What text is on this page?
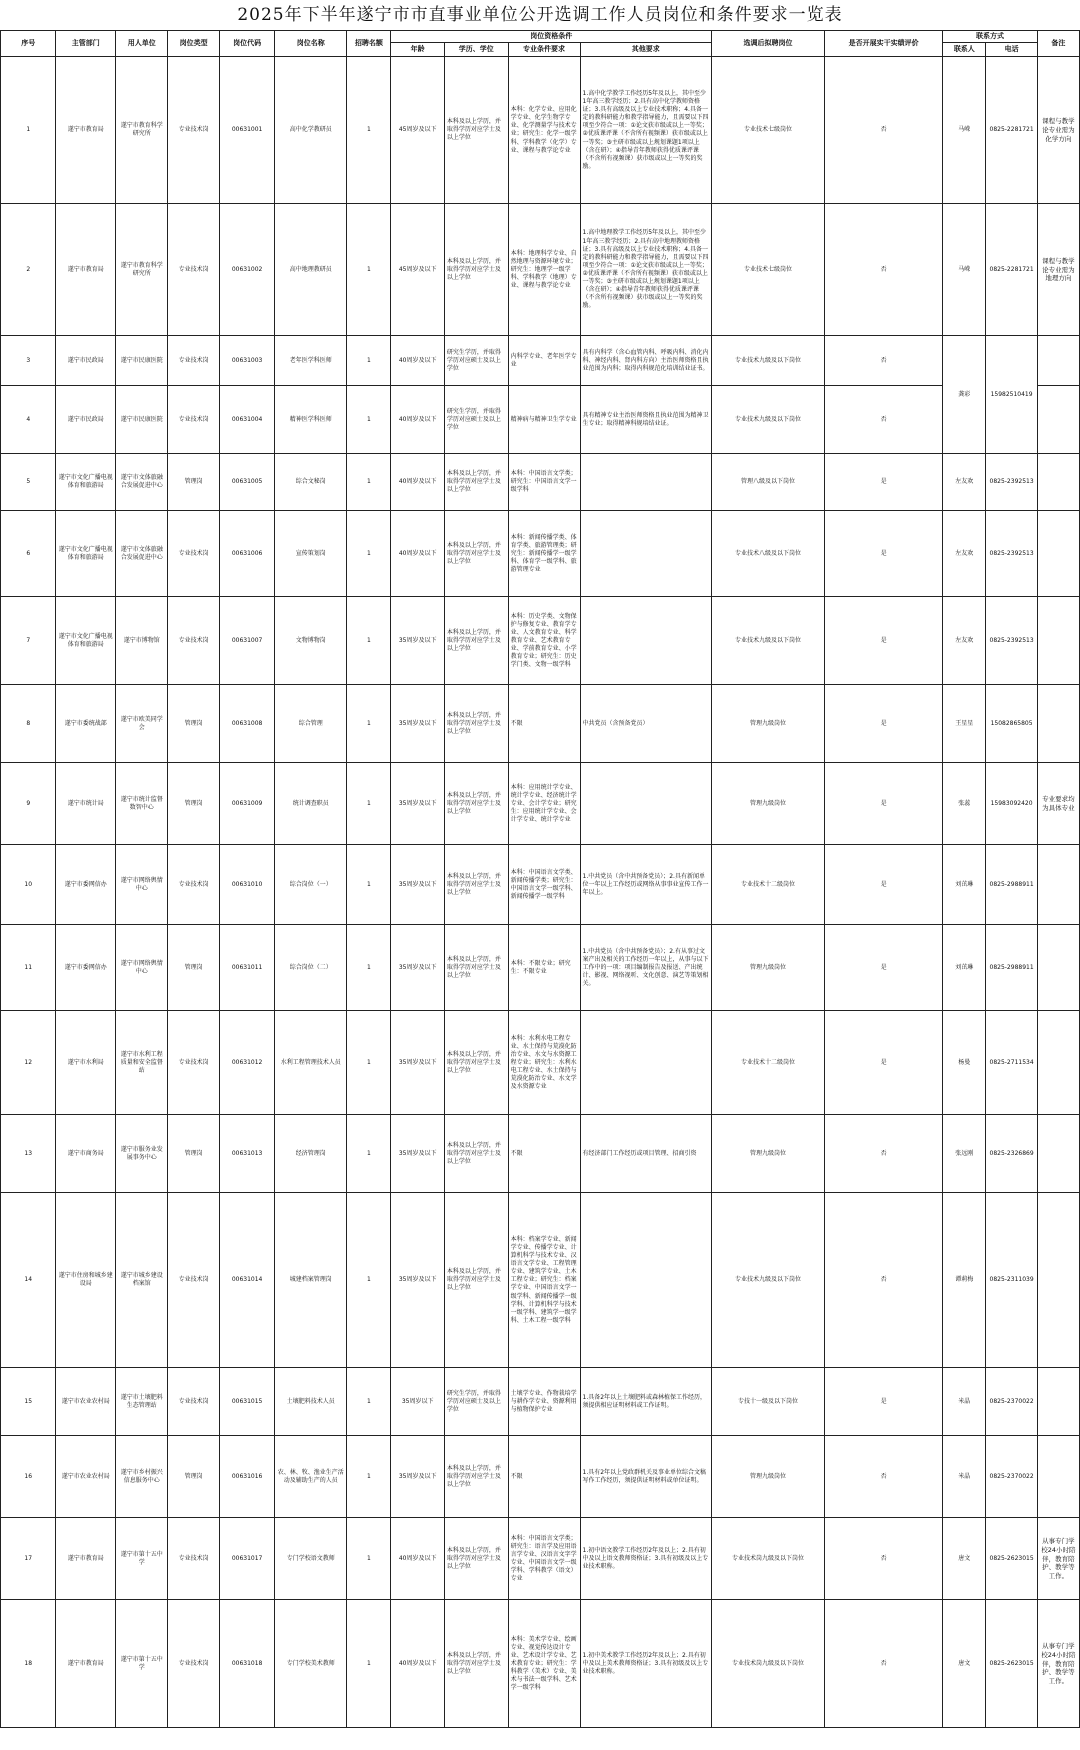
2025年下半年遂宁市市直事业单位公开选调工作人员岗位和条件要求一览表
序号	主管部门	用人单位	岗位类型	岗位代码	岗位名称	招聘名额	岗位资格条件				选调后拟聘岗位	是否开展实干实绩评价	联系方式		备注
							年龄	学历、学位	专业条件要求	其他要求			联系人	电话	
1	遂宁市教育局	遂宁市教育科学研究所	专业技术岗	00631001	高中化学教研员	1	45周岁及以下	本科及以上学历，并取得学历对应学士及以上学位	本科：化学专业、应用化学专业、化学生物学专业、化学测量学与技术专业；研究生：化学一级学科、学科教学（化学）专业、课程与教学论专业	1.高中化学教学工作经历5年及以上，其中至少1年高三教学经历；2.具有高中化学教师资格证；3.具有高级及以上专业技术职称；4.具备一定的教科研能力和教学指导能力，且需要以下四项至少符合一项：①论文获市级或以上一等奖；②优质课评课（不含所有视频课）获市级或以上一等奖；③主研市级或以上规划课题1项以上（含在研）；④指导青年教师获得优质课评课（不含所有视频课）获市级或以上一等奖的奖励。	专业技术七级岗位	否	马嵘	0825-2281721	课程与教学论专业需为化学方向
2	遂宁市教育局	遂宁市教育科学研究所	专业技术岗	00631002	高中地理教研员	1	45周岁及以下	本科及以上学历，并取得学历对应学士及以上学位	本科：地理科学专业、自然地理与资源环境专业；研究生：地理学一级学科、学科教学（地理）专业、课程与教学论专业	1.高中地理教学工作经历5年及以上，其中至少1年高三教学经历；2.具有高中地理教师资格证；3.具有高级及以上专业技术职称；4.具备一定的教科研能力和教学指导能力，且需要以下四项至少符合一项：①论文获市级或以上一等奖；②优质课评课（不含所有视频课）获市级或以上一等奖；③主研市级或以上规划课题1项以上（含在研）；④指导青年教师获得优质课评课（不含所有视频课）获市级或以上一等奖的奖励。	专业技术七级岗位	否	马嵘	0825-2281721	课程与教学论专业需为地理方向
3	遂宁市民政局	遂宁市民康医院	专业技术岗	00631003	老年医学科医师	1	40周岁及以下	研究生学历，并取得学历对应硕士及以上学位	内科学专业、老年医学专业	具有内科学（含心血管内科、呼吸内科、消化内科、神经内科、肾内科方向）主治医师资格且执业范围为内科；取得内科规范化培训结业证书。	专业技术九级及以下岗位	否	龚彩	15982510419	
4	遂宁市民政局	遂宁市民康医院	专业技术岗	00631004	精神医学科医师	1	40周岁及以下	研究生学历，并取得学历对应硕士及以上学位	精神病与精神卫生学专业	具有精神专业主治医师资格且执业范围为精神卫生专业；取得精神科规培结业证。	专业技术九级及以下岗位	否			
5	遂宁市文化广播电视体育和旅游局	遂宁市文体旅融合发展促进中心	管理岗	00631005	综合文秘岗	1	40周岁及以下	本科及以上学历，并取得学历对应学士及以上学位	本科：中国语言文学类；研究生：中国语言文学一级学科		管理八级及以下岗位	是	左友欢	0825-2392513	
6	遂宁市文化广播电视体育和旅游局	遂宁市文体旅融合发展促进中心	专业技术岗	00631006	宣传策划岗	1	40周岁及以下	本科及以上学历，并取得学历对应学士及以上学位	本科：新闻传播学类、体育学类、旅游管理类；研究生：新闻传播学一级学科、体育学一级学科、旅游管理专业		专业技术八级及以下岗位	是	左友欢	0825-2392513	
7	遂宁市文化广播电视体育和旅游局	遂宁市博物馆	专业技术岗	00631007	文物博物岗	1	35周岁及以下	本科及以上学历，并取得学历对应学士及以上学位	本科：历史学类、文物保护与修复专业、教育学专业、人文教育专业、科学教育专业、艺术教育专业、学前教育专业、小学教育专业；研究生：历史学门类、文物一级学科		专业技术九级及以下岗位	是	左友欢	0825-2392513	
8	遂宁市委统战部	遂宁市欧美同学会	管理岗	00631008	综合管理	1	35周岁及以下	本科及以上学历，并取得学历对应学士及以上学位	不限	中共党员（含预备党员）	管理九级岗位	是	王星星	15082865805	
9	遂宁市统计局	遂宁市统计监督数智中心	管理岗	00631009	统计调查职员	1	35周岁及以下	本科及以上学历，并取得学历对应学士及以上学位	本科：应用统计学专业、统计学专业、经济统计学专业、会计学专业；研究生：应用统计学专业、会计学专业、统计学专业		管理九级岗位	是	张蕊	15983092420	专业要求均为具体专业
10	遂宁市委网信办	遂宁市网络舆情中心	专业技术岗	00631010	综合岗位（一）	1	35周岁及以下	本科及以上学历，并取得学历对应学士及以上学位	本科：中国语言文学类、新闻传播学类；研究生：中国语言文学一级学科、新闻传播学一级学科	1.中共党员（含中共预备党员）；2.具有新闻单位一年以上工作经历或网络从事事业宣传工作一年以上。	专业技术十二级岗位	是	刘茁琳	0825-2988911	
11	遂宁市委网信办	遂宁市网络舆情中心	管理岗	00631011	综合岗位（二）	1	35周岁及以下	本科及以上学历，并取得学历对应学士及以上学位	本科：不限专业；研究生：不限专业	1.中共党员（含中共预备党员）；2.有从事过文案产出及相关的工作经历一年以上，从事与以下工作中的一项：项目编制报告及报送、产出统计、影视、网络视听、文化创意、演艺等策划相关。	管理九级岗位	是	刘茁琳	0825-2988911	
12	遂宁市水利局	遂宁市水利工程质量和安全监督站	专业技术岗	00631012	水利工程管理技术人员	1	35周岁及以下	本科及以上学历，并取得学历对应学士及以上学位	本科：水利水电工程专业、水土保持与荒漠化防治专业、水文与水资源工程专业；研究生：水利水电工程专业、水土保持与荒漠化防治专业、水文学及水资源专业		专业技术十二级岗位	是	杨曼	0825-2711534	
13	遂宁市商务局	遂宁市服务业发展事务中心	管理岗	00631013	经济管理岗	1	35周岁及以下	本科及以上学历，并取得学历对应学士及以上学位	不限	有经济部门工作经历或项目管理、招商引资	管理九级岗位	否	张远刚	0825-2326869	
14	遂宁市住房和城乡建设局	遂宁市城乡建设档案馆	专业技术岗	00631014	城建档案管理岗	1	35周岁及以下	本科及以上学历，并取得学历对应学士及以上学位	本科：档案学专业、新闻学专业、传播学专业、计算机科学与技术专业、汉语言文学专业、工程管理专业、建筑学专业、土木工程专业；研究生：档案学专业、中国语言文学一级学科、新闻传播学一级学科、计算机科学与技术一级学科、建筑学一级学科、土木工程一级学科		专业技术九级及以下岗位	否	谭莉梅	0825-2311039	
15	遂宁市农业农村局	遂宁市土壤肥料生态管理站	专业技术岗	00631015	土壤肥料技术人员	1	35周岁以下	研究生学历，并取得学历对应硕士及以上学位	土壤学专业、作物栽培学与耕作学专业、资源利用与植物保护专业	1.具备2年以上土壤肥料或森林植保工作经历，须提供相应证明材料或工作证明。	专技十一级及以下岗位	是	米晶	0825-2370022	
16	遂宁市农业农村局	遂宁市乡村振兴信息服务中心	管理岗	00631016	农、林、牧、渔业生产活动及辅助生产的人员	1	35周岁及以下	本科及以上学历，并取得学历对应学士及以上学位	不限	1.具有2年以上党政群机关及事业单位综合文稿写作工作经历，须提供证明材料或单位证明。	管理九级岗位	否	米晶	0825-2370022	
17	遂宁市教育局	遂宁市第十五中学	专业技术岗	00631017	专门学校语文教师	1	40周岁及以下	本科及以上学历，并取得学历对应学士及以上学位	本科：中国语言文学类；研究生：语言学及应用语言学专业、汉语言文字学专业、中国语言文学一级学科、学科教学（语文）专业	1.初中语文教学工作经历2年及以上；2.具有初中及以上语文教师资格证；3.具有初级及以上专业技术职称。	专业技术岗九级及以下岗位	否	唐文	0825-2623015	从事专门学校24小时陪伴，教育陪护、教学等工作。
18	遂宁市教育局	遂宁市第十五中学	专业技术岗	00631018	专门学校美术教师	1	40周岁及以下	本科及以上学历，并取得学历对应学士及以上学位	本科：美术学专业、绘画专业、视觉传达设计专业、艺术设计学专业、艺术教育专业；研究生：学科教学（美术）专业、美术与书法一级学科、艺术学一级学科	1.初中美术教学工作经历2年及以上；2.具有初中及以上美术教师资格证；3.具有初级及以上专业技术职称。	专业技术岗九级及以下岗位	否	唐文	0825-2623015	从事专门学校24小时陪伴，教育陪护、教学等工作。
